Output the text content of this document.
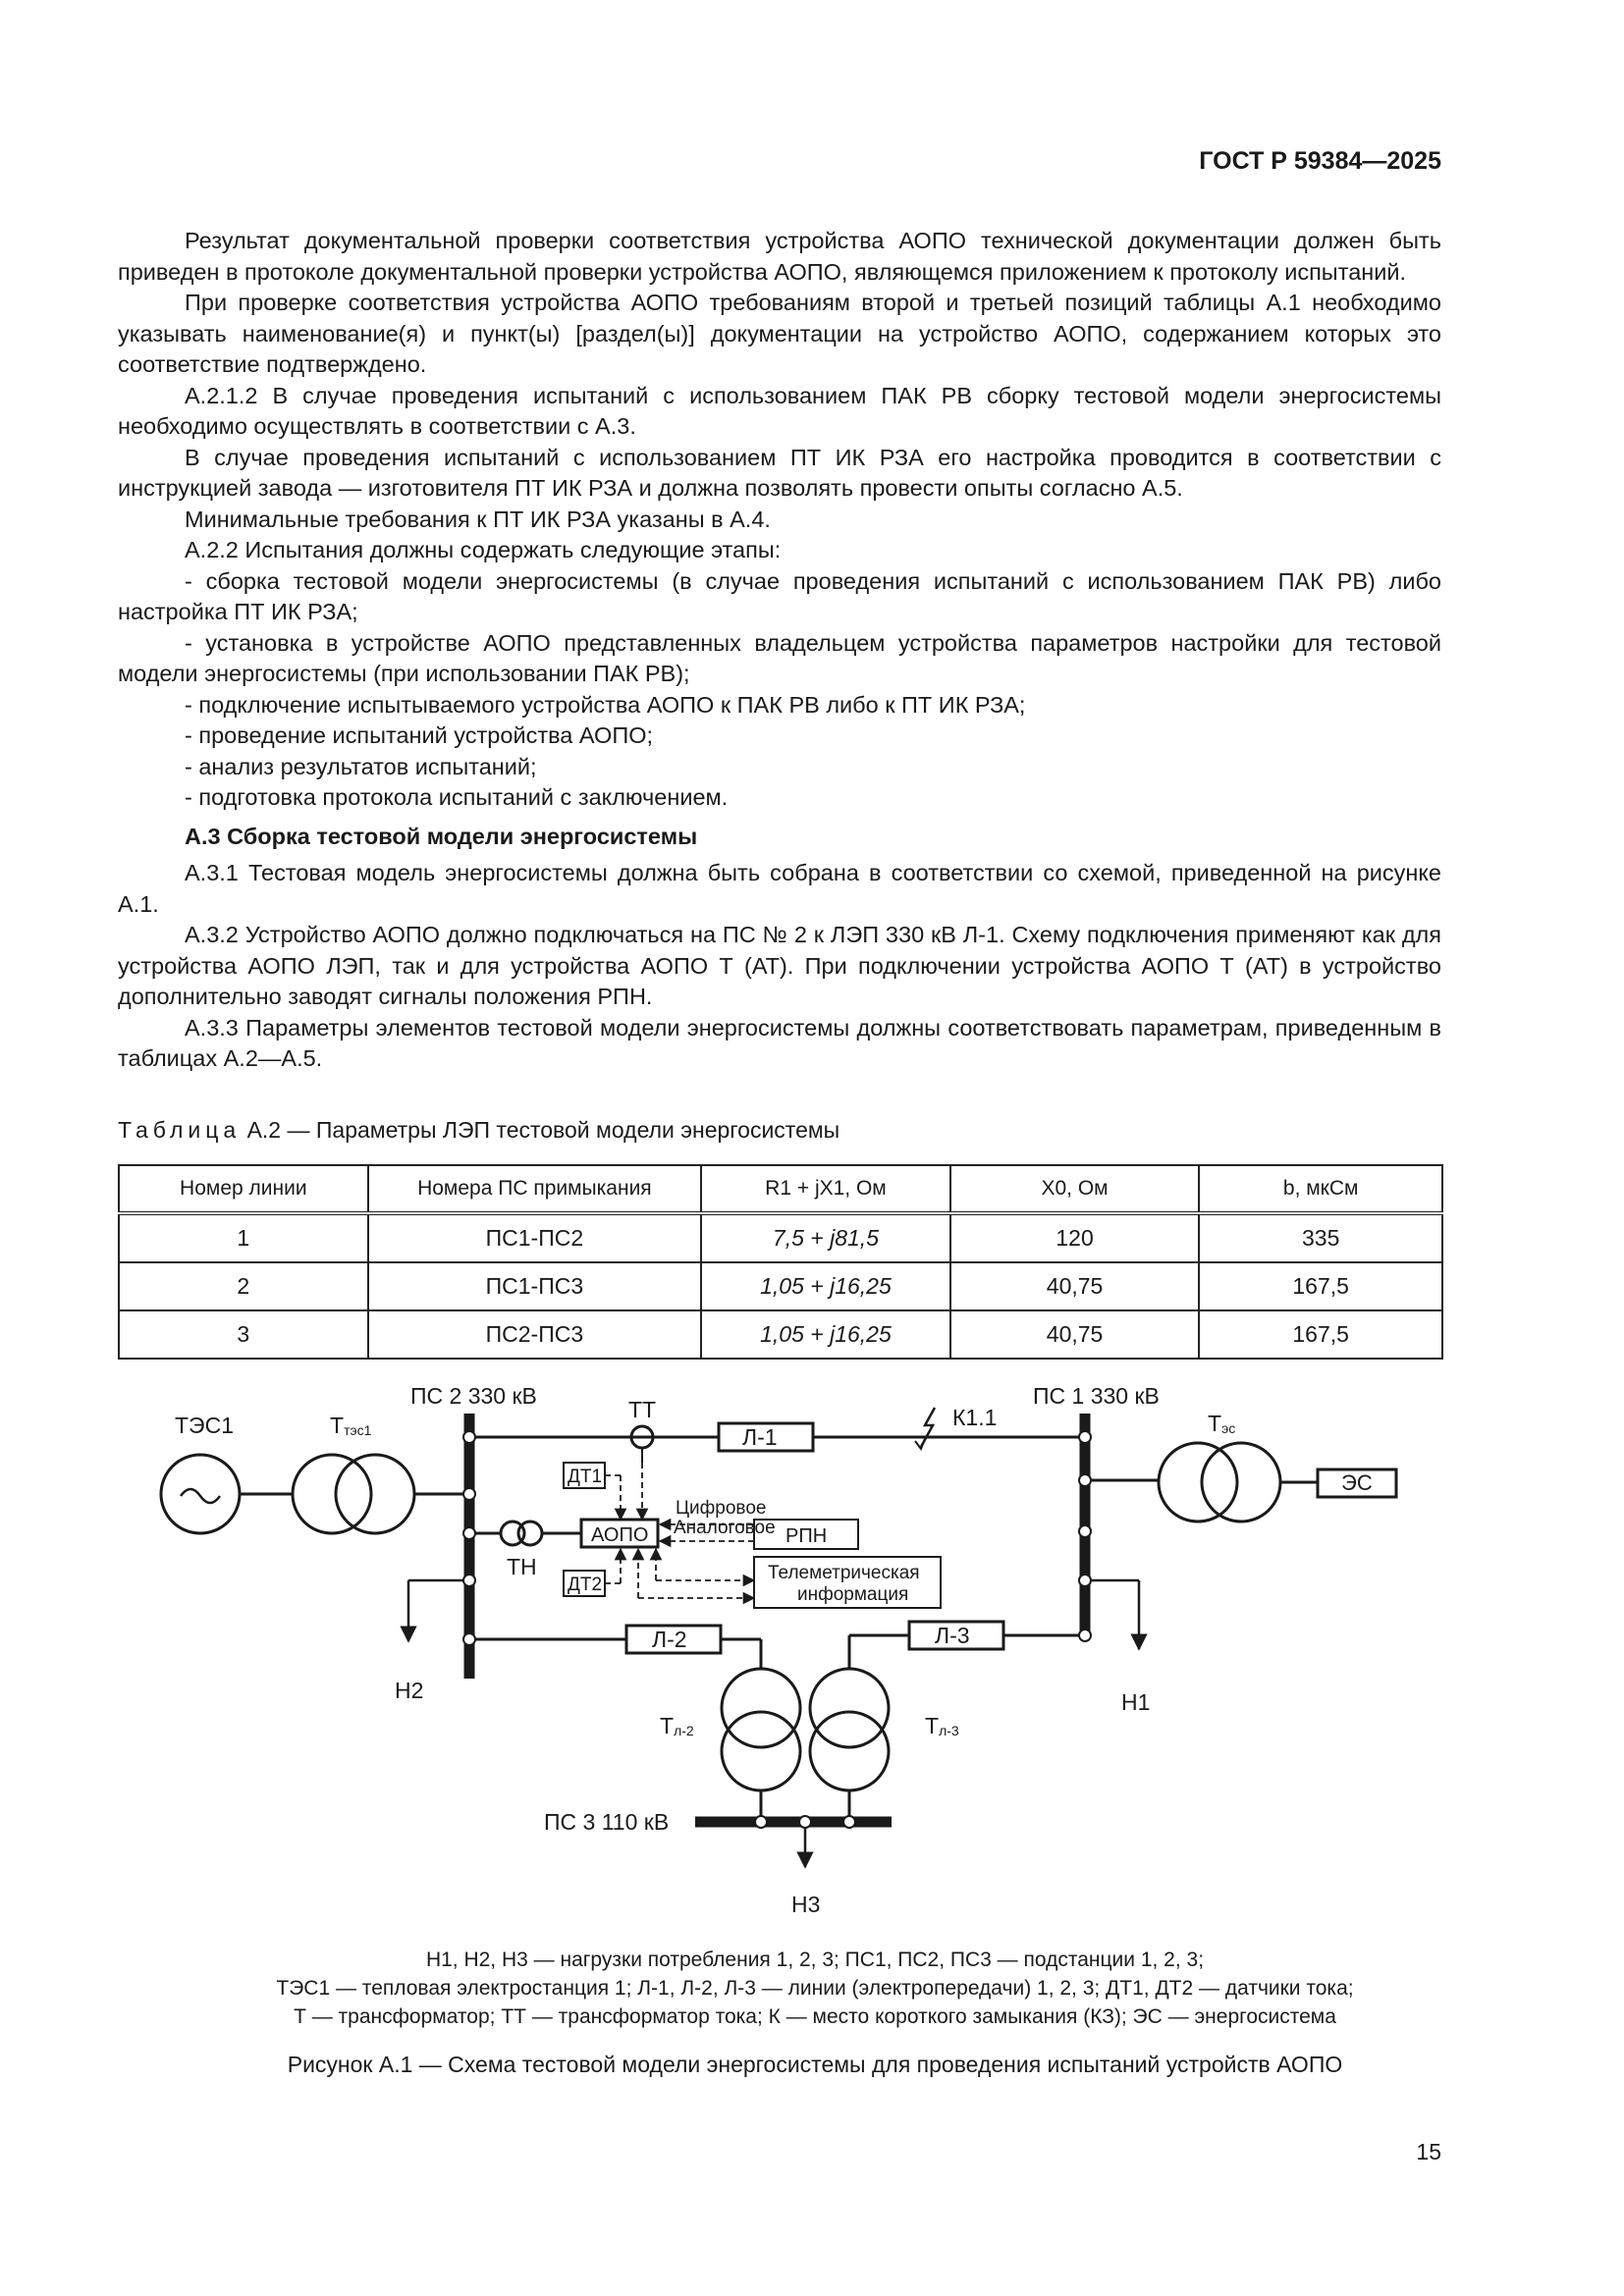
ГОСТ Р 59384—2025

Результат документальной проверки соответствия устройства АОПО технической документации должен быть приведен в протоколе документальной проверки устройства АОПО, являющемся приложением к протоколу испытаний.

При проверке соответствия устройства АОПО требованиям второй и третьей позиций таблицы А.1 необходимо указывать наименование(я) и пункт(ы) [раздел(ы)] документации на устройство АОПО, содержанием которых это соответствие подтверждено.

А.2.1.2 В случае проведения испытаний с использованием ПАК РВ сборку тестовой модели энергосистемы необходимо осуществлять в соответствии с А.3.

В случае проведения испытаний с использованием ПТ ИК РЗА его настройка проводится в соответствии с инструкцией завода — изготовителя ПТ ИК РЗА и должна позволять провести опыты согласно А.5.

Минимальные требования к ПТ ИК РЗА указаны в А.4.

А.2.2 Испытания должны содержать следующие этапы:

- сборка тестовой модели энергосистемы (в случае проведения испытаний с использованием ПАК РВ) либо настройка ПТ ИК РЗА;

- установка в устройстве АОПО представленных владельцем устройства параметров настройки для тестовой модели энергосистемы (при использовании ПАК РВ);

- подключение испытываемого устройства АОПО к ПАК РВ либо к ПТ ИК РЗА;

- проведение испытаний устройства АОПО;

- анализ результатов испытаний;

- подготовка протокола испытаний с заключением.

А.3 Сборка тестовой модели энергосистемы

А.3.1 Тестовая модель энергосистемы должна быть собрана в соответствии со схемой, приведенной на рисунке А.1.

А.3.2 Устройство АОПО должно подключаться на ПС № 2 к ЛЭП 330 кВ Л-1. Схему подключения применяют как для устройства АОПО ЛЭП, так и для устройства АОПО Т (АТ). При подключении устройства АОПО Т (АТ) в устройство дополнительно заводят сигналы положения РПН.

А.3.3 Параметры элементов тестовой модели энергосистемы должны соответствовать параметрам, приведенным в таблицах А.2—А.5.

Таблица А.2 — Параметры ЛЭП тестовой модели энергосистемы
Номер линии	Номера ПС примыкания	R1 + jX1, Ом	X0, Ом	b, мкСм
1	ПС1-ПС2	7,5 + j81,5	120	335
2	ПС1-ПС3	1,05 + j16,25	40,75	167,5
3	ПС2-ПС3	1,05 + j16,25	40,75	167,5
ТЭС1	Tтэс1
ПС 2 330 кВ
ТТ
Л-1
К1.1
ПС 1 330 кВ
Tэс
ЭС
ДТ1
ДТ2
Цифровое
Аналоговое
АОПО	РПН
ТН	Телеметрическая
информация
Л-2	Л-3
Н2	Н1
Tл-2	Tл-3
ПС 3 110 кВ
Н3

Н1, Н2, Н3 — нагрузки потребления 1, 2, 3; ПС1, ПС2, ПС3 — подстанции 1, 2, 3;

ТЭС1 — тепловая электростанция 1; Л-1, Л-2, Л-3 — линии (электропередачи) 1, 2, 3; ДТ1, ДТ2 — датчики тока;

Т — трансформатор; ТТ — трансформатор тока; К — место короткого замыкания (КЗ); ЭС — энергосистема

Рисунок А.1 — Схема тестовой модели энергосистемы для проведения испытаний устройств АОПО
15
